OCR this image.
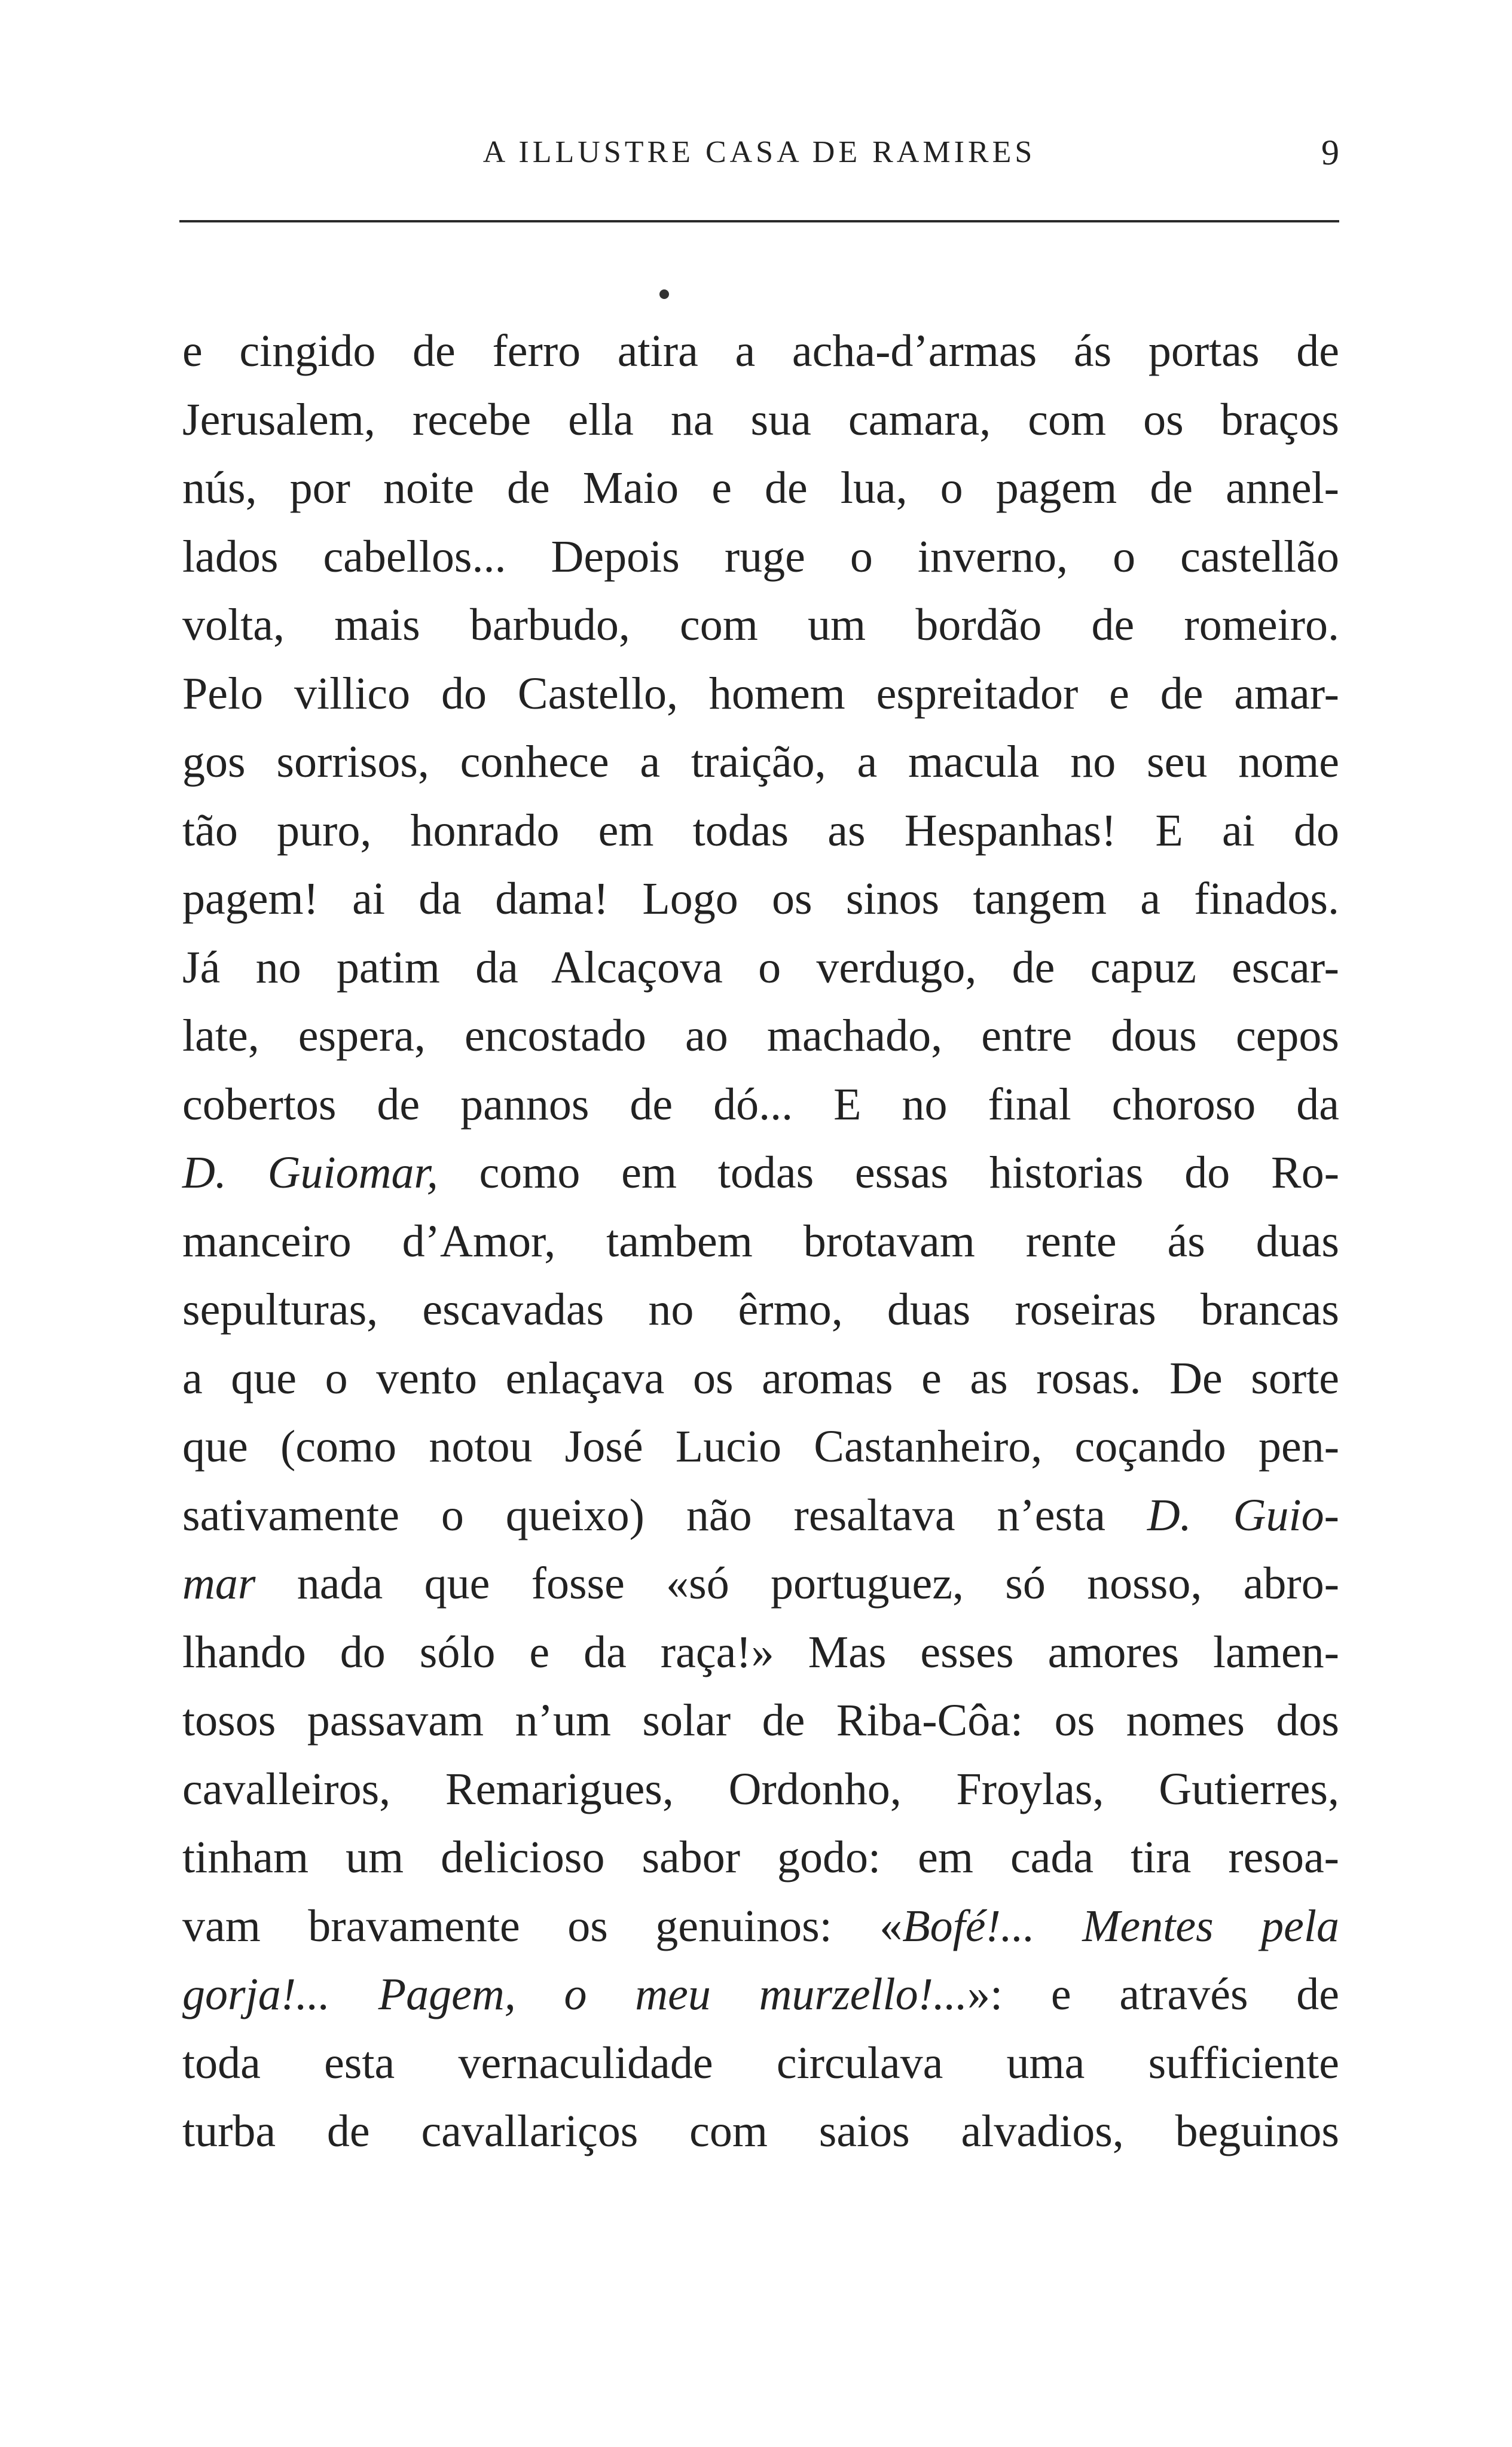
A ILLUSTRE CASA DE RAMIRES	9
e cingido de ferro atira a acha-d’armas ás portas de
Jerusalem, recebe ella na sua camara, com os braços
nús, por noite de Maio e de lua, o pagem de annel-
lados cabellos... Depois ruge o inverno, o castellão
volta, mais barbudo, com um bordão de romeiro.
Pelo villico do Castello, homem espreitador e de amar-
gos sorrisos, conhece a traição, a macula no seu nome
tão puro, honrado em todas as Hespanhas! E ai do
pagem! ai da dama! Logo os sinos tangem a finados.
Já no patim da Alcaçova o verdugo, de capuz escar-
late, espera, encostado ao machado, entre dous cepos
cobertos de pannos de dó... E no final choroso da
D. Guiomar, como em todas essas historias do Ro-
manceiro d’Amor, tambem brotavam rente ás duas
sepulturas, escavadas no êrmo, duas roseiras brancas
a que o vento enlaçava os aromas e as rosas. De sorte
que (como notou José Lucio Castanheiro, coçando pen-
sativamente o queixo) não resaltava n’esta D. Guio-
mar nada que fosse «só portuguez, só nosso, abro-
lhando do sólo e da raça!» Mas esses amores lamen-
tosos passavam n’um solar de Riba-Côa: os nomes dos
cavalleiros, Remarigues, Ordonho, Froylas, Gutierres,
tinham um delicioso sabor godo: em cada tira resoa-
vam bravamente os genuinos: «Bofé!... Mentes pela
gorja!... Pagem, o meu murzello!...»: e através de
toda esta vernaculidade circulava uma sufficiente
turba de cavallariços com saios alvadios, beguinos
